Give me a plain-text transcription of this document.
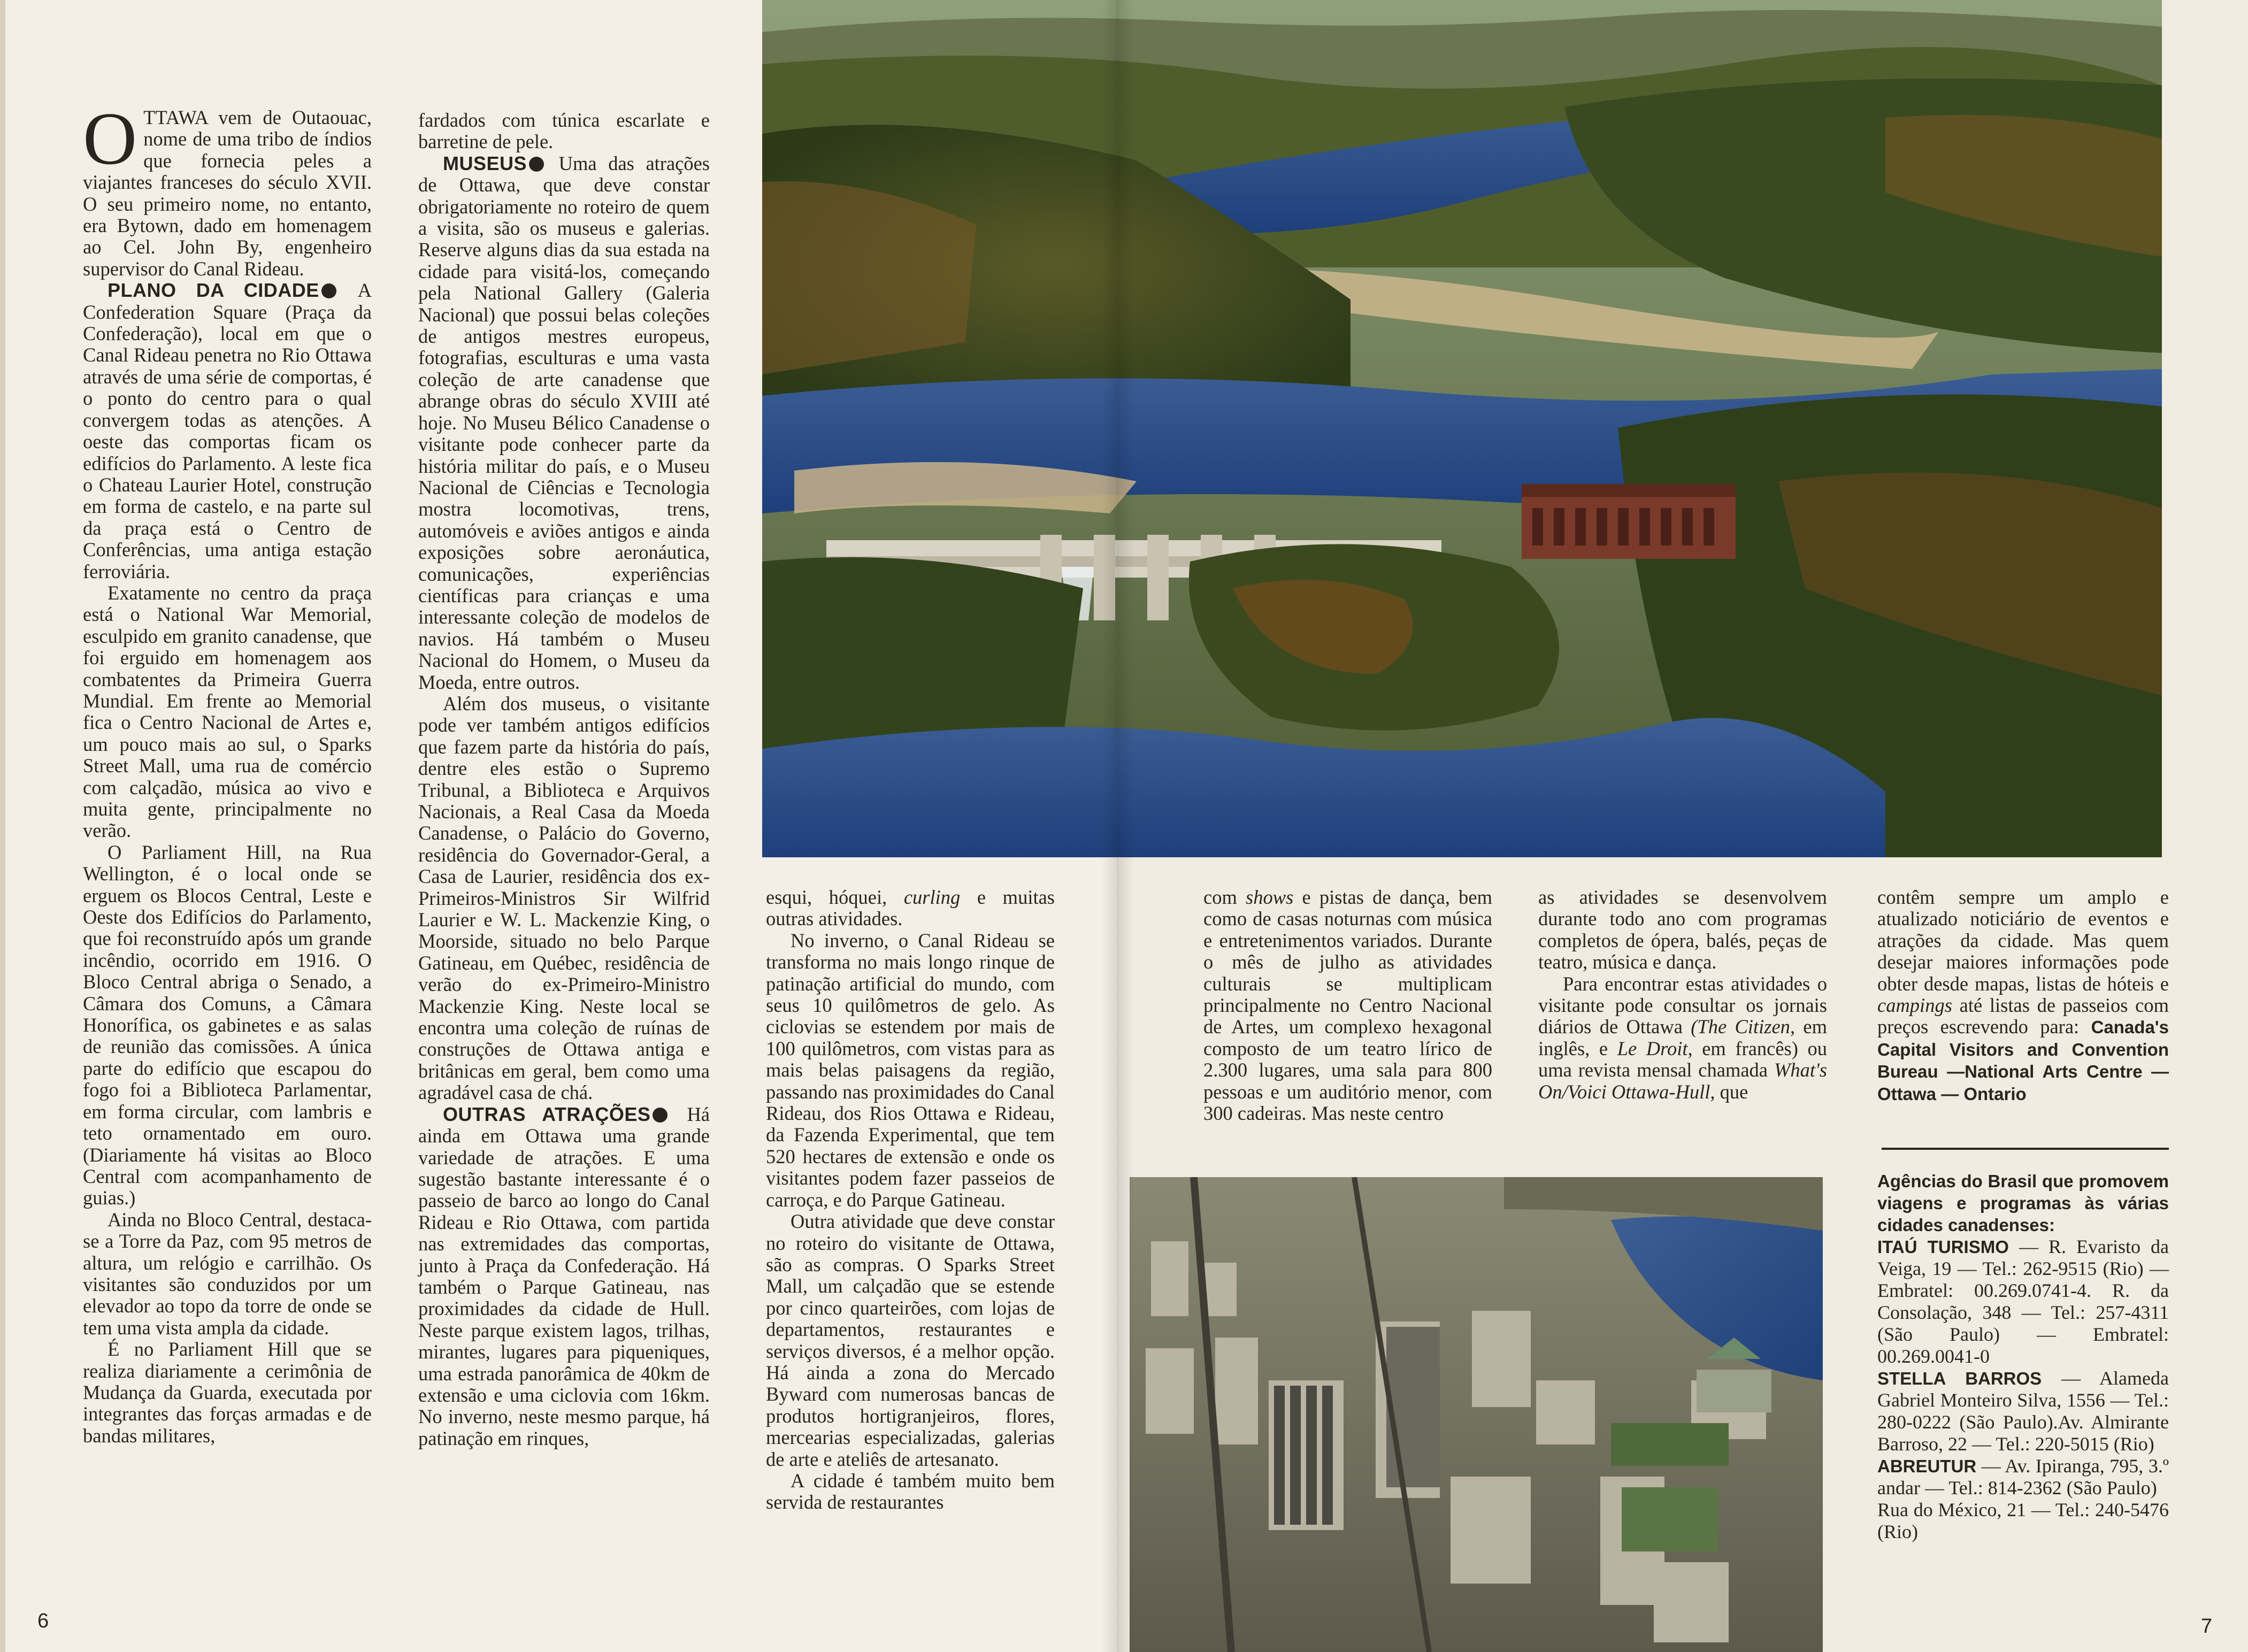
OTTAWA vem de Outaouac, nome de uma tribo de índios que fornecia peles a viajantes franceses do século XVII. O seu primeiro nome, no entanto, era Bytown, dado em homenagem ao Cel. John By, engenheiro supervisor do Canal Rideau.

PLANO DA CIDADE A Confederation Square (Praça da Confederação), local em que o Canal Rideau penetra no Rio Ottawa através de uma série de comportas, é o ponto do centro para o qual convergem todas as atenções. A oeste das comportas ficam os edifícios do Parlamento. A leste fica o Chateau Laurier Hotel, construção em forma de castelo, e na parte sul da praça está o Centro de Conferências, uma antiga estação ferroviária.

Exatamente no centro da praça está o National War Memorial, esculpido em granito canadense, que foi erguido em homenagem aos combatentes da Primeira Guerra Mundial. Em frente ao Memorial fica o Centro Nacional de Artes e, um pouco mais ao sul, o Sparks Street Mall, uma rua de comércio com calçadão, música ao vivo e muita gente, principalmente no verão.

O Parliament Hill, na Rua Wellington, é o local onde se erguem os Blocos Central, Leste e Oeste dos Edifícios do Parlamento, que foi reconstruído após um grande incêndio, ocorrido em 1916. O Bloco Central abriga o Senado, a Câmara dos Comuns, a Câmara Honorífica, os gabinetes e as salas de reunião das comissões. A única parte do edifício que escapou do fogo foi a Biblioteca Parlamentar, em forma circular, com lambris e teto ornamentado em ouro. (Diariamente há visitas ao Bloco Central com acompanhamento de guias.)

Ainda no Bloco Central, destaca-se a Torre da Paz, com 95 metros de altura, um relógio e carrilhão. Os visitantes são conduzidos por um elevador ao topo da torre de onde se tem uma vista ampla da cidade.

É no Parliament Hill que se realiza diariamente a cerimônia de Mudança da Guarda, executada por integrantes das forças armadas e de bandas militares,

fardados com túnica escarlate e barretine de pele.

MUSEUS Uma das atrações de Ottawa, que deve constar obrigatoriamente no roteiro de quem a visita, são os museus e galerias. Reserve alguns dias da sua estada na cidade para visitá-los, começando pela National Gallery (Galeria Nacional) que possui belas coleções de antigos mestres europeus, fotografias, esculturas e uma vasta coleção de arte canadense que abrange obras do século XVIII até hoje. No Museu Bélico Canadense o visitante pode conhecer parte da história militar do país, e o Museu Nacional de Ciências e Tecnologia mostra locomotivas, trens, automóveis e aviões antigos e ainda exposições sobre aeronáutica, comunicações, experiências científicas para crianças e uma interessante coleção de modelos de navios. Há também o Museu Nacional do Homem, o Museu da Moeda, entre outros.

Além dos museus, o visitante pode ver também antigos edifícios que fazem parte da história do país, dentre eles estão o Supremo Tribunal, a Biblioteca e Arquivos Nacionais, a Real Casa da Moeda Canadense, o Palácio do Governo, residência do Governador-Geral, a Casa de Laurier, residência dos ex-Primeiros-Ministros Sir Wilfrid Laurier e W. L. Mackenzie King, o Moorside, situado no belo Parque Gatineau, em Québec, residência de verão do ex-Primeiro-Ministro Mackenzie King. Neste local se encontra uma coleção de ruínas de construções de Ottawa antiga e britânicas em geral, bem como uma agradável casa de chá.

OUTRAS ATRAÇÕES Há ainda em Ottawa uma grande variedade de atrações. E uma sugestão bastante interessante é o passeio de barco ao longo do Canal Rideau e Rio Ottawa, com partida nas extremidades das comportas, junto à Praça da Confederação. Há também o Parque Gatineau, nas proximidades da cidade de Hull. Neste parque existem lagos, trilhas, mirantes, lugares para piqueniques, uma estrada panorâmica de 40km de extensão e uma ciclovia com 16km. No inverno, neste mesmo parque, há patinação em rinques,

esqui, hóquei, curling e muitas outras atividades.

No inverno, o Canal Rideau se transforma no mais longo rinque de patinação artificial do mundo, com seus 10 quilômetros de gelo. As ciclovias se estendem por mais de 100 quilômetros, com vistas para as mais belas paisagens da região, passando nas proximidades do Canal Rideau, dos Rios Ottawa e Rideau, da Fazenda Experimental, que tem 520 hectares de extensão e onde os visitantes podem fazer passeios de carroça, e do Parque Gatineau.

Outra atividade que deve constar no roteiro do visitante de Ottawa, são as compras. O Sparks Street Mall, um calçadão que se estende por cinco quarteirões, com lojas de departamentos, restaurantes e serviços diversos, é a melhor opção. Há ainda a zona do Mercado Byward com numerosas bancas de produtos hortigranjeiros, flores, mercearias especializadas, galerias de arte e ateliês de artesanato.

A cidade é também muito bem servida de restaurantes

com shows e pistas de dança, bem como de casas noturnas com música e entretenimentos variados. Durante o mês de julho as atividades culturais se multiplicam principalmente no Centro Nacional de Artes, um complexo hexagonal composto de um teatro lírico de 2.300 lugares, uma sala para 800 pessoas e um auditório menor, com 300 cadeiras. Mas neste centro

as atividades se desenvolvem durante todo ano com programas completos de ópera, balés, peças de teatro, música e dança.

Para encontrar estas atividades o visitante pode consultar os jornais diários de Ottawa (The Citizen, em inglês, e Le Droit, em francês) ou uma revista mensal chamada What's On/Voici Ottawa-Hull, que

contêm sempre um amplo e atualizado noticiário de eventos e atrações da cidade. Mas quem desejar maiores informações pode obter desde mapas, listas de hóteis e campings até listas de passeios com preços escrevendo para: Canada's Capital Visitors and Convention Bureau —National Arts Centre — Ottawa — Ontario

Agências do Brasil que promovem viagens e programas às várias cidades canadenses:

ITAÚ TURISMO — R. Evaristo da Veiga, 19 — Tel.: 262-9515 (Rio) — Embratel: 00.269.0741-4. R. da Consolação, 348 — Tel.: 257-4311 (São Paulo) — Embratel: 00.269.0041-0

STELLA BARROS — Alameda Gabriel Monteiro Silva, 1556 — Tel.: 280-0222 (São Paulo).Av. Almirante Barroso, 22 — Tel.: 220-5015 (Rio)

ABREUTUR — Av. Ipiranga, 795, 3.º andar — Tel.: 814-2362 (São Paulo)

Rua do México, 21 — Tel.: 240-5476 (Rio)

6	7
